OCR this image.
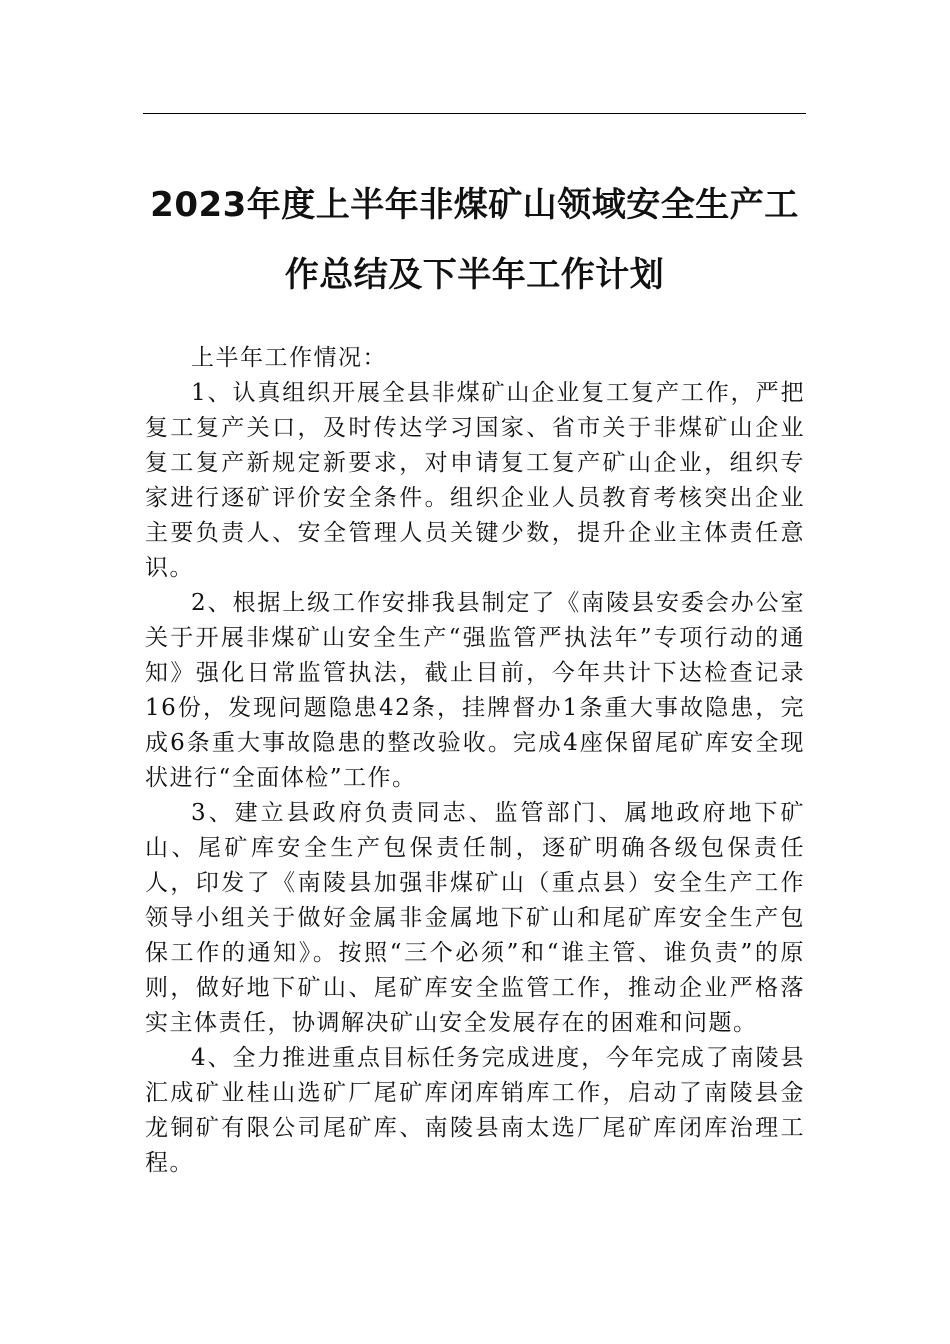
2023年度上半年非煤矿山领域安全生产工
作总结及下半年工作计划

上半年工作情况：

1、认真组织开展全县非煤矿山企业复工复产工作，严把复工复产关口，及时传达学习国家、省市关于非煤矿山企业复工复产新规定新要求，对申请复工复产矿山企业，组织专家进行逐矿评价安全条件。组织企业人员教育考核突出企业主要负责人、安全管理人员关键少数，提升企业主体责任意识。

2、根据上级工作安排我县制定了《南陵县安委会办公室关于开展非煤矿山安全生产“强监管严执法年”专项行动的通知》强化日常监管执法，截止目前，今年共计下达检查记录16份，发现问题隐患42条，挂牌督办1条重大事故隐患，完成6条重大事故隐患的整改验收。完成4座保留尾矿库安全现状进行“全面体检”工作。

3、建立县政府负责同志、监管部门、属地政府地下矿山、尾矿库安全生产包保责任制，逐矿明确各级包保责任人，印发了《南陵县加强非煤矿山（重点县）安全生产工作领导小组关于做好金属非金属地下矿山和尾矿库安全生产包保工作的通知》。按照“三个必须”和“谁主管、谁负责”的原则，做好地下矿山、尾矿库安全监管工作，推动企业严格落实主体责任，协调解决矿山安全发展存在的困难和问题。

4、全力推进重点目标任务完成进度，今年完成了南陵县汇成矿业桂山选矿厂尾矿库闭库销库工作，启动了南陵县金龙铜矿有限公司尾矿库、南陵县南太选厂尾矿库闭库治理工程。
